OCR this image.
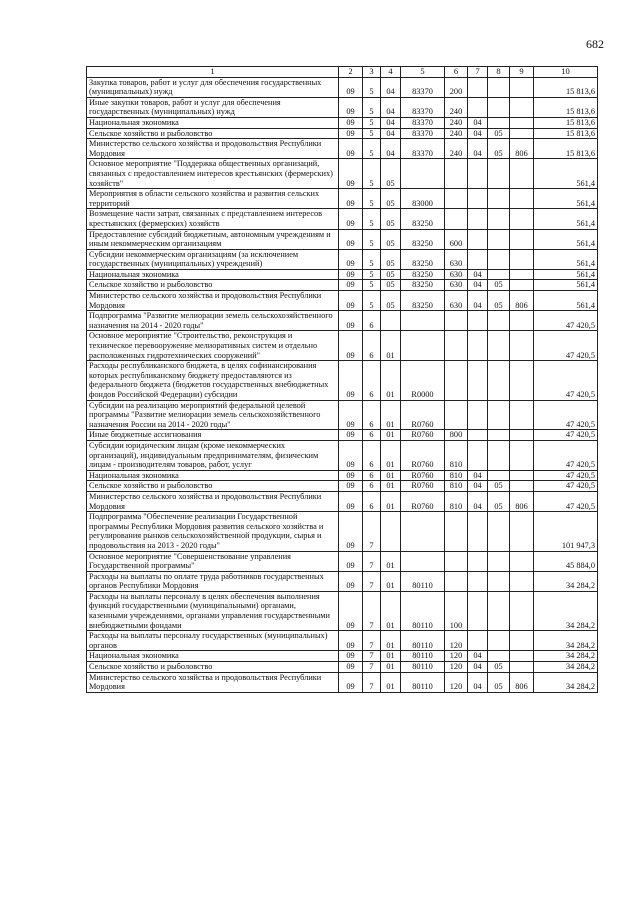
682
1	2	3	4	5	6	7	8	9	10
Закупка товаров, работ и услуг для обеспечения государственных (муниципальных) нужд	09	5	04	83370	200				15 813,6
Иные закупки товаров, работ и услуг для обеспечения государственных (муниципальных) нужд	09	5	04	83370	240				15 813,6
Национальная экономика	09	5	04	83370	240	04			15 813,6
Сельское хозяйство и рыболовство	09	5	04	83370	240	04	05		15 813,6
Министерство сельского хозяйства и продовольствия Республики Мордовия	09	5	04	83370	240	04	05	806	15 813,6
Основное мероприятие "Поддержка общественных организаций, связанных с предоставлением интересов крестьянских (фермерских) хозяйств"	09	5	05						561,4
Мероприятия в области сельского хозяйства и развития сельских территорий	09	5	05	83000					561,4
Возмещение части затрат, связанных с представлением интересов крестьянских (фермерских) хозяйств	09	5	05	83250					561,4
Предоставление субсидий бюджетным, автономным учреждениям и иным некоммерческим организациям	09	5	05	83250	600				561,4
Субсидии некоммерческим организациям (за исключением государственных (муниципальных) учреждений)	09	5	05	83250	630				561,4
Национальная экономика	09	5	05	83250	630	04			561,4
Сельское хозяйство и рыболовство	09	5	05	83250	630	04	05		561,4
Министерство сельского хозяйства и продовольствия Республики Мордовия	09	5	05	83250	630	04	05	806	561,4
Подпрограмма "Развитие мелиорации земель сельскохозяйственного назначения на 2014 - 2020 годы"	09	6							47 420,5
Основное мероприятие "Строительство, реконструкция и техническое перевооружение мелиоративных систем и отдельно расположенных гидротехнических сооружений"	09	6	01						47 420,5
Расходы республиканского бюджета, в целях софинансирования которых республиканскому бюджету предоставляются из федерального бюджета (бюджетов государственных внебюджетных фондов Российской Федерации) субсидии	09	6	01	R0000					47 420,5
Субсидии на реализацию мероприятий федеральной целевой программы "Развитие мелиорации земель сельскохозяйственного назначения России на 2014 - 2020 годы"	09	6	01	R0760					47 420,5
Иные бюджетные ассигнования	09	6	01	R0760	800				47 420,5
Субсидии юридическим лицам (кроме некоммерческих организаций), индивидуальным предпринимателям, физическим лицам - производителям товаров, работ, услуг	09	6	01	R0760	810				47 420,5
Национальная экономика	09	6	01	R0760	810	04			47 420,5
Сельское хозяйство и рыболовство	09	6	01	R0760	810	04	05		47 420,5
Министерство сельского хозяйства и продовольствия Республики Мордовия	09	6	01	R0760	810	04	05	806	47 420,5
Подпрограмма "Обеспечение реализации Государственной программы Республики Мордовия развития сельского хозяйства и регулирования рынков сельскохозяйственной продукции, сырья и продовольствия на 2013 - 2020 годы"	09	7							101 947,3
Основное мероприятие "Совершенствование управления Государственной программы"	09	7	01						45 884,0
Расходы на выплаты по оплате труда работников государственных органов Республики Мордовия	09	7	01	80110					34 284,2
Расходы на выплаты персоналу в целях обеспечения выполнения функций государственными (муниципальными) органами, казенными учреждениями, органами управления государственными внебюджетными фондами	09	7	01	80110	100				34 284,2
Расходы на выплаты персоналу государственных (муниципальных) органов	09	7	01	80110	120				34 284,2
Национальная экономика	09	7	01	80110	120	04			34 284,2
Сельское хозяйство и рыболовство	09	7	01	80110	120	04	05		34 284,2
Министерство сельского хозяйства и продовольствия Республики Мордовия	09	7	01	80110	120	04	05	806	34 284,2
